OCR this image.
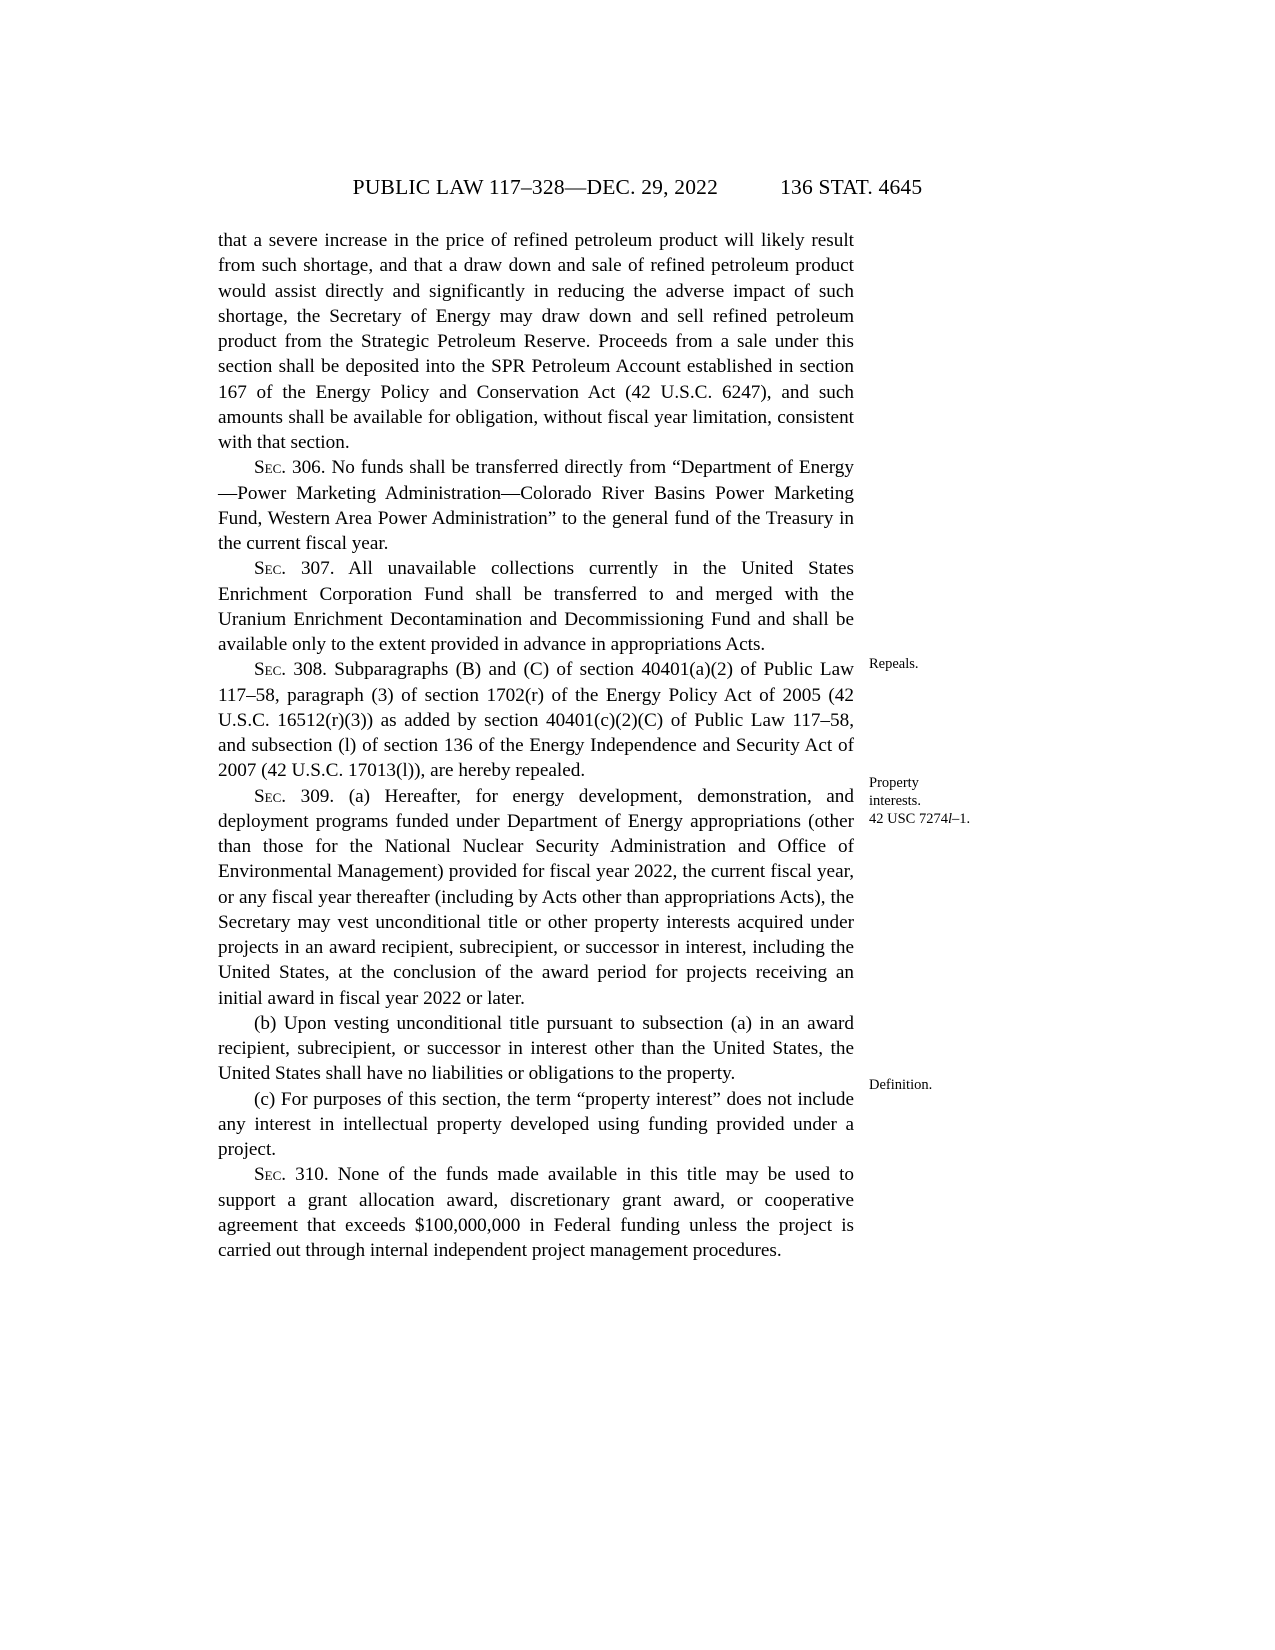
PUBLIC LAW 117–328—DEC. 29, 2022	136 STAT. 4645

that a severe increase in the price of refined petroleum product will likely result from such shortage, and that a draw down and sale of refined petroleum product would assist directly and significantly in reducing the adverse impact of such shortage, the Secretary of Energy may draw down and sell refined petroleum product from the Strategic Petroleum Reserve. Proceeds from a sale under this section shall be deposited into the SPR Petroleum Account established in section 167 of the Energy Policy and Conservation Act (42 U.S.C. 6247), and such amounts shall be available for obligation, without fiscal year limitation, consistent with that section.

Sec. 306. No funds shall be transferred directly from “Department of Energy—Power Marketing Administration—Colorado River Basins Power Marketing Fund, Western Area Power Administration” to the general fund of the Treasury in the current fiscal year.

Sec. 307. All unavailable collections currently in the United States Enrichment Corporation Fund shall be transferred to and merged with the Uranium Enrichment Decontamination and Decommissioning Fund and shall be available only to the extent provided in advance in appropriations Acts.

Sec. 308. Subparagraphs (B) and (C) of section 40401(a)(2) of Public Law 117–58, paragraph (3) of section 1702(r) of the Energy Policy Act of 2005 (42 U.S.C. 16512(r)(3)) as added by section 40401(c)(2)(C) of Public Law 117–58, and subsection (l) of section 136 of the Energy Independence and Security Act of 2007 (42 U.S.C. 17013(l)), are hereby repealed.

Sec. 309. (a) Hereafter, for energy development, demonstration, and deployment programs funded under Department of Energy appropriations (other than those for the National Nuclear Security Administration and Office of Environmental Management) provided for fiscal year 2022, the current fiscal year, or any fiscal year thereafter (including by Acts other than appropriations Acts), the Secretary may vest unconditional title or other property interests acquired under projects in an award recipient, subrecipient, or successor in interest, including the United States, at the conclusion of the award period for projects receiving an initial award in fiscal year 2022 or later.

(b) Upon vesting unconditional title pursuant to subsection (a) in an award recipient, subrecipient, or successor in interest other than the United States, the United States shall have no liabilities or obligations to the property.

(c) For purposes of this section, the term “property interest” does not include any interest in intellectual property developed using funding provided under a project.

Sec. 310. None of the funds made available in this title may be used to support a grant allocation award, discretionary grant award, or cooperative agreement that exceeds $100,000,000 in Federal funding unless the project is carried out through internal independent project management procedures.

Repeals.
Property
interests.
42 USC 7274l–1.
Definition.
